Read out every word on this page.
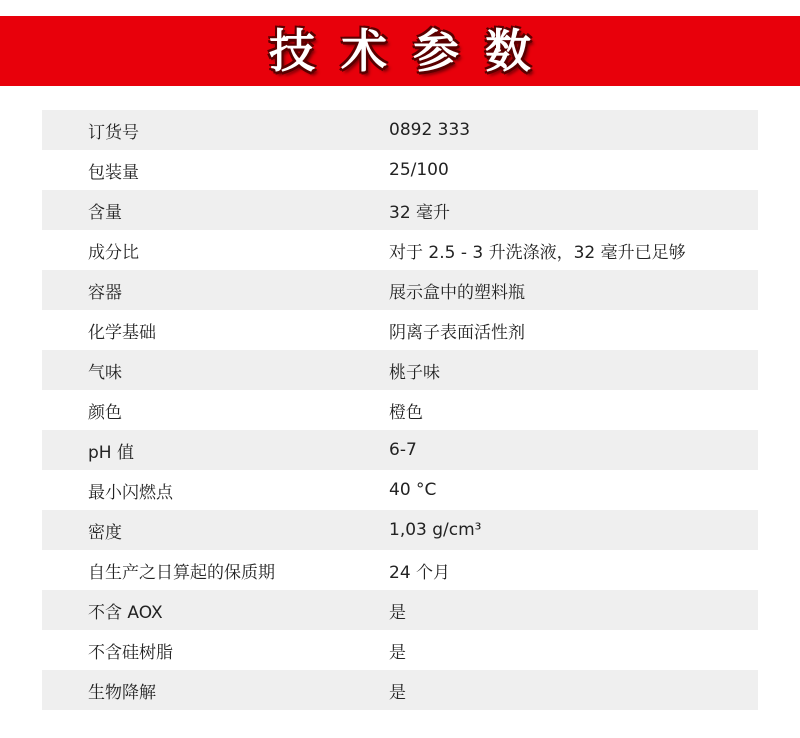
技术参数
订货号	0892 333
包装量	25/100
含量	32 毫升
成分比	对于 2.5 - 3 升洗涤液，32 毫升已足够
容器	展示盒中的塑料瓶
化学基础	阴离子表面活性剂
气味	桃子味
颜色	橙色
pH 值	6-7
最小闪燃点	40 °C
密度	1,03 g/cm³
自生产之日算起的保质期	24 个月
不含 AOX	是
不含硅树脂	是
生物降解	是
